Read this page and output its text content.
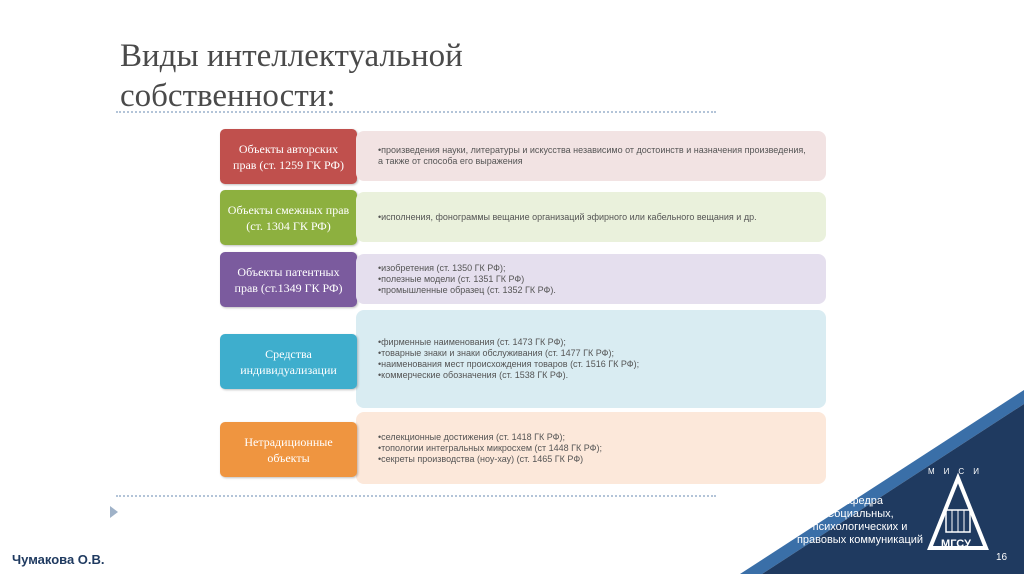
Виды интеллектуальной
собственности:
Объекты авторских прав (ст. 1259 ГК РФ)
•произведения науки, литературы и искусства независимо от достоинств и назначения произведения, а также от способа его выражения
Объекты смежных прав (ст. 1304 ГК РФ)
•исполнения, фонограммы вещание организаций эфирного или кабельного вещания и др.
Объекты патентных прав (ст.1349 ГК РФ)
•изобретения (ст. 1350 ГК РФ);
•полезные модели (ст. 1351 ГК РФ)
•промышленные образец (ст. 1352 ГК РФ).
•фирменные наименования (ст. 1473 ГК РФ);
•товарные знаки и знаки обслуживания (ст. 1477 ГК РФ);
•наименования мест происхождения товаров (ст. 1516 ГК РФ);
•коммерческие обозначения (ст. 1538 ГК РФ).
Средства индивидуализации
•селекционные достижения (ст. 1418 ГК РФ);
•топологии интегральных микросхем (ст 1448 ГК РФ);
•секреты производства (ноу-хау) (ст. 1465 ГК РФ)
Нетрадиционные объекты
МИСИ
МГСУ
Кафедра
Социальных,
психологических и
правовых коммуникаций
Чумакова О.В.	16
